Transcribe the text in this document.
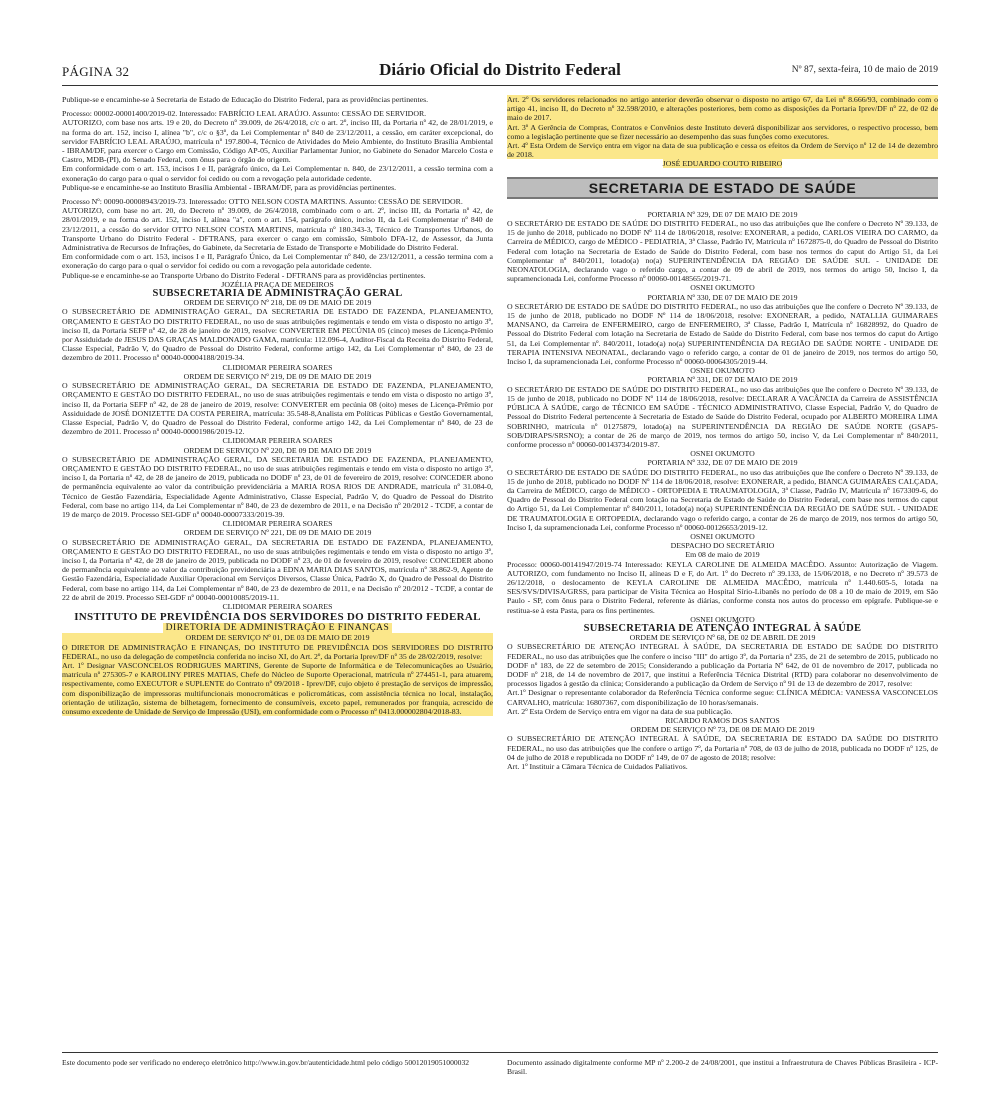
PÁGINA 32	Diário Oficial do Distrito Federal	Nº 87, sexta-feira, 10 de maio de 2019

Publique-se e encaminhe-se à Secretaria de Estado de Educação do Distrito Federal, para as providências pertinentes.

Processo: 00002-00001400/2019-02. Interessado: FABRÍCIO LEAL ARAÚJO. Assunto: CESSÃO DE SERVIDOR.

AUTORIZO, com base nos arts. 19 e 20, do Decreto nº 39.009, de 26/4/2018, c/c o art. 2º, inciso III, da Portaria nº 42, de 28/01/2019, e na forma do art. 152, inciso I, alínea "b", c/c o §3º, da Lei Complementar nº 840 de 23/12/2011, a cessão, em caráter excepcional, do servidor FABRÍCIO LEAL ARAÚJO, matrícula nº 197.800-4, Técnico de Atividades do Meio Ambiente, do Instituto Brasília Ambiental - IBRAM/DF, para exercer o Cargo em Comissão, Código AP-05, Auxiliar Parlamentar Junior, no Gabinete do Senador Marcelo Costa e Castro, MDB-(PI), do Senado Federal, com ônus para o órgão de origem.

Em conformidade com o art. 153, incisos I e II, parágrafo único, da Lei Complementar n. 840, de 23/12/2011, a cessão termina com a exoneração do cargo para o qual o servidor foi cedido ou com a revogação pela autoridade cedente.

Publique-se e encaminhe-se ao Instituto Brasília Ambiental - IBRAM/DF, para as providências pertinentes.

Processo Nº: 00090-00008943/2019-73. Interessado: OTTO NELSON COSTA MARTINS. Assunto: CESSÃO DE SERVIDOR.

AUTORIZO, com base no art. 20, do Decreto nº 39.009, de 26/4/2018, combinado com o art. 2º, inciso III, da Portaria nº 42, de 28/01/2019, e na forma do art. 152, inciso I, alínea "a", com o art. 154, parágrafo único, inciso II, da Lei Complementar nº 840 de 23/12/2011, a cessão do servidor OTTO NELSON COSTA MARTINS, matrícula nº 180.343-3, Técnico de Transportes Urbanos, do Transporte Urbano do Distrito Federal - DFTRANS, para exercer o cargo em comissão, Símbolo DFA-12, de Assessor, da Junta Administrativa de Recursos de Infrações, do Gabinete, da Secretaria de Estado de Transporte e Mobilidade do Distrito Federal.

Em conformidade com o art. 153, incisos I e II, Parágrafo Único, da Lei Complementar nº 840, de 23/12/2011, a cessão termina com a exoneração do cargo para o qual o servidor foi cedido ou com a revogação pela autoridade cedente.

Publique-se e encaminhe-se ao Transporte Urbano do Distrito Federal - DFTRANS para as providências pertinentes.

JOZÉLIA PRAÇA DE MEDEIROS

SUBSECRETARIA DE ADMINISTRAÇÃO GERAL

ORDEM DE SERVIÇO Nº 218, DE 09 DE MAIO DE 2019

O SUBSECRETÁRIO DE ADMINISTRAÇÃO GERAL, DA SECRETARIA DE ESTADO DE FAZENDA, PLANEJAMENTO, ORÇAMENTO E GESTÃO DO DISTRITO FEDERAL, no uso de suas atribuições regimentais e tendo em vista o disposto no artigo 3º, inciso II, da Portaria SEFP nº 42, de 28 de janeiro de 2019, resolve: CONVERTER EM PECÚNIA 05 (cinco) meses de Licença-Prêmio por Assiduidade de JESUS DAS GRAÇAS MALDONADO GAMA, matrícula: 112.096-4, Auditor-Fiscal da Receita do Distrito Federal, Classe Especial, Padrão V, do Quadro de Pessoal do Distrito Federal, conforme artigo 142, da Lei Complementar nº 840, de 23 de dezembro de 2011. Processo nº 00040-00004188/2019-34.

CLIDIOMAR PEREIRA SOARES

ORDEM DE SERVIÇO Nº 219, DE 09 DE MAIO DE 2019

O SUBSECRETÁRIO DE ADMINISTRAÇÃO GERAL, DA SECRETARIA DE ESTADO DE FAZENDA, PLANEJAMENTO, ORÇAMENTO E GESTÃO DO DISTRITO FEDERAL, no uso de suas atribuições regimentais e tendo em vista o disposto no artigo 3º, inciso II, da Portaria SEFP nº 42, de 28 de janeiro de 2019, resolve: CONVERTER em pecúnia 08 (oito) meses de Licença-Prêmio por Assiduidade de JOSÉ DONIZETTE DA COSTA PEREIRA, matrícula: 35.548-8,Analista em Políticas Públicas e Gestão Governamental, Classe Especial, Padrão V, do Quadro de Pessoal do Distrito Federal, conforme artigo 142, da Lei Complementar nº 840, de 23 de dezembro de 2011. Processo nº 00040-00001986/2019-12.

CLIDIOMAR PEREIRA SOARES

ORDEM DE SERVIÇO Nº 220, DE 09 DE MAIO DE 2019

O SUBSECRETÁRIO DE ADMINISTRAÇÃO GERAL, DA SECRETARIA DE ESTADO DE FAZENDA, PLANEJAMENTO, ORÇAMENTO E GESTÃO DO DISTRITO FEDERAL, no uso de suas atribuições regimentais e tendo em vista o disposto no artigo 3º, inciso I, da Portaria nº 42, de 28 de janeiro de 2019, publicada no DODF nº 23, de 01 de fevereiro de 2019, resolve: CONCEDER abono de permanência equivalente ao valor da contribuição previdenciária a MARIA ROSA RIOS DE ANDRADE, matrícula nº 31.084-0, Técnico de Gestão Fazendária, Especialidade Agente Administrativo, Classe Especial, Padrão V, do Quadro de Pessoal do Distrito Federal, com base no artigo 114, da Lei Complementar nº 840, de 23 de dezembro de 2011, e na Decisão nº 20/2012 - TCDF, a contar de 19 de março de 2019. Processo SEI-GDF nº 00040-00007333/2019-39.

CLIDIOMAR PEREIRA SOARES

ORDEM DE SERVIÇO Nº 221, DE 09 DE MAIO DE 2019

O SUBSECRETÁRIO DE ADMINISTRAÇÃO GERAL, DA SECRETARIA DE ESTADO DE FAZENDA, PLANEJAMENTO, ORÇAMENTO E GESTÃO DO DISTRITO FEDERAL, no uso de suas atribuições regimentais e tendo em vista o disposto no artigo 3º, inciso I, da Portaria nº 42, de 28 de janeiro de 2019, publicada no DODF nº 23, de 01 de fevereiro de 2019, resolve: CONCEDER abono de permanência equivalente ao valor da contribuição previdenciária a EDNA MARIA DIAS SANTOS, matrícula nº 38.862-9, Agente de Gestão Fazendária, Especialidade Auxiliar Operacional em Serviços Diversos, Classe Única, Padrão X, do Quadro de Pessoal do Distrito Federal, com base no artigo 114, da Lei Complementar nº 840, de 23 de dezembro de 2011, e na Decisão nº 20/2012 - TCDF, a contar de 22 de abril de 2019. Processo SEI-GDF nº 00040-00010085/2019-11.

CLIDIOMAR PEREIRA SOARES

INSTITUTO DE PREVIDÊNCIA DOS SERVIDORES DO DISTRITO FEDERAL

DIRETORIA DE ADMINISTRAÇÃO E FINANÇAS

ORDEM DE SERVIÇO Nº 01, DE 03 DE MAIO DE 2019

O DIRETOR DE ADMINISTRAÇÃO E FINANÇAS, DO INSTITUTO DE PREVIDÊNCIA DOS SERVIDORES DO DISTRITO FEDERAL, no uso da delegação de competência conferida no inciso XI, do Art. 2º, da Portaria Iprev/DF nº 35 de 28/02/2019, resolve:

Art. 1º Designar VASCONCELOS RODRIGUES MARTINS, Gerente de Suporte de Informática e de Telecomunicações ao Usuário, matrícula nº 275305-7 e KAROLINY PIRES MATIAS, Chefe do Núcleo de Suporte Operacional, matrícula nº 274451-1, para atuarem, respectivamente, como EXECUTOR e SUPLENTE do Contrato nº 09/2018 - Iprev/DF, cujo objeto é prestação de serviços de impressão, com disponibilização de impressoras multifuncionais monocromáticas e policromáticas, com assistência técnica no local, instalação, orientação de utilização, sistema de bilhetagem, fornecimento de consumíveis, exceto papel, remunerados por franquia, acrescido de consumo excedente de Unidade de Serviço de Impressão (USI), em conformidade com o Processo nº 0413.000002804/2018-83.

Art. 2º Os servidores relacionados no artigo anterior deverão observar o disposto no artigo 67, da Lei nº 8.666/93, combinado com o artigo 41, inciso II, do Decreto nº 32.598/2010, e alterações posteriores, bem como as disposições da Portaria Iprev/DF nº 22, de 02 de maio de 2017.

Art. 3º A Gerência de Compras, Contratos e Convênios deste Instituto deverá disponibilizar aos servidores, o respectivo processo, bem como a legislação pertinente que se fizer necessário ao desempenho das suas funções como executores.

Art. 4º Esta Ordem de Serviço entra em vigor na data de sua publicação e cessa os efeitos da Ordem de Serviço nº 12 de 14 de dezembro de 2018.

JOSÉ EDUARDO COUTO RIBEIRO

SECRETARIA DE ESTADO DE SAÚDE

PORTARIA Nº 329, DE 07 DE MAIO DE 2019

O SECRETÁRIO DE ESTADO DE SAÚDE DO DISTRITO FEDERAL, no uso das atribuições que lhe confere o Decreto Nº 39.133, de 15 de junho de 2018, publicado no DODF Nº 114 de 18/06/2018, resolve: EXONERAR, a pedido, CARLOS VIEIRA DO CARMO, da Carreira de MÉDICO, cargo de MÉDICO - PEDIATRIA, 3ª Classe, Padrão IV, Matrícula nº 1672875-0, do Quadro de Pessoal do Distrito Federal com lotação na Secretaria de Estado de Saúde do Distrito Federal, com base nos termos do caput do Artigo 51, da Lei Complementar nº 840/2011, lotado(a) no(a) SUPERINTENDÊNCIA DA REGIÃO DE SAÚDE SUL - UNIDADE DE NEONATOLOGIA, declarando vago o referido cargo, a contar de 09 de abril de 2019, nos termos do artigo 50, Inciso I, da supramencionada Lei, conforme Processo nº 00060-00148565/2019-71.

OSNEI OKUMOTO

PORTARIA Nº 330, DE 07 DE MAIO DE 2019

O SECRETÁRIO DE ESTADO DE SAÚDE DO DISTRITO FEDERAL, no uso das atribuições que lhe confere o Decreto Nº 39.133, de 15 de junho de 2018, publicado no DODF Nº 114 de 18/06/2018, resolve: EXONERAR, a pedido, NATALLIA GUIMARAES MANSANO, da Carreira de ENFERMEIRO, cargo de ENFERMEIRO, 3ª Classe, Padrão I, Matrícula nº 16828992, do Quadro de Pessoal do Distrito Federal com lotação na Secretaria de Estado de Saúde do Distrito Federal, com base nos termos do caput do Artigo 51, da Lei Complementar nº. 840/2011, lotado(a) no(a) SUPERINTENDÊNCIA DA REGIÃO DE SAÚDE NORTE - UNIDADE DE TERAPIA INTENSIVA NEONATAL, declarando vago o referido cargo, a contar de 01 de janeiro de 2019, nos termos do artigo 50, Inciso I, da supramencionada Lei, conforme Processo nº 00060-00064305/2019-44.

OSNEI OKUMOTO

PORTARIA Nº 331, DE 07 DE MAIO DE 2019

O SECRETÁRIO DE ESTADO DE SAÚDE DO DISTRITO FEDERAL, no uso das atribuições que lhe confere o Decreto Nº 39.133, de 15 de junho de 2018, publicado no DODF Nº 114 de 18/06/2018, resolve: DECLARAR A VACÂNCIA da Carreira de ASSISTÊNCIA PÚBLICA À SAÚDE, cargo de TÉCNICO EM SAÚDE - TÉCNICO ADMINISTRATIVO, Classe Especial, Padrão V, do Quadro de Pessoal do Distrito Federal pertencente à Secretaria de Estado de Saúde do Distrito Federal, ocupado por ALBERTO MOREIRA LIMA SOBRINHO, matrícula nº 01275879, lotado(a) na SUPERINTENDÊNCIA DA REGIÃO DE SAÚDE NORTE (GSAP5-SOB/DIRAPS/SRSNO); a contar de 26 de março de 2019, nos termos do artigo 50, inciso V, da Lei Complementar nº 840/2011, conforme processo nº 00060-00143734/2019-87.

OSNEI OKUMOTO

PORTARIA Nº 332, DE 07 DE MAIO DE 2019

O SECRETÁRIO DE ESTADO DE SAÚDE DO DISTRITO FEDERAL, no uso das atribuições que lhe confere o Decreto Nº 39.133, de 15 de junho de 2018, publicado no DODF Nº 114 de 18/06/2018, resolve: EXONERAR, a pedido, BIANCA GUIMARÃES CALÇADA, da Carreira de MÉDICO, cargo de MÉDICO - ORTOPEDIA E TRAUMATOLOGIA, 3ª Classe, Padrão IV, Matrícula nº 1673309-6, do Quadro de Pessoal do Distrito Federal com lotação na Secretaria de Estado de Saúde do Distrito Federal, com base nos termos do caput do Artigo 51, da Lei Complementar nº 840/2011, lotado(a) no(a) SUPERINTENDÊNCIA DA REGIÃO DE SAÚDE SUL - UNIDADE DE TRAUMATOLOGIA E ORTOPEDIA, declarando vago o referido cargo, a contar de 26 de março de 2019, nos termos do artigo 50, Inciso I, da supramencionada Lei, conforme Processo nº 00060-00126653/2019-12.

OSNEI OKUMOTO

DESPACHO DO SECRETÁRIO

Em 08 de maio de 2019

Processo: 00060-00141947/2019-74 Interessado: KEYLA CAROLINE DE ALMEIDA MACÊDO. Assunto: Autorização de Viagem. AUTORIZO, com fundamento no Inciso II, alíneas D e F, do Art. 1º do Decreto nº 39.133, de 15/06/2018, e no Decreto nº 39.573 de 26/12/2018, o deslocamento de KEYLA CAROLINE DE ALMEIDA MACÊDO, matrícula nº 1.440.605-5, lotada na SES/SVS/DIVISA/GRSS, para participar de Visita Técnica ao Hospital Sírio-Libanês no período de 08 a 10 de maio de 2019, em São Paulo - SP, com ônus para o Distrito Federal, referente às diárias, conforme consta nos autos do processo em epígrafe. Publique-se e restitua-se à esta Pasta, para os fins pertinentes.

OSNEI OKUMOTO

SUBSECRETARIA DE ATENÇÃO INTEGRAL À SAÚDE

ORDEM DE SERVIÇO Nº 68, DE 02 DE ABRIL DE 2019

O SUBSECRETÁRIO DE ATENÇÃO INTEGRAL À SAÚDE, DA SECRETARIA DE ESTADO DE SAÚDE DO DISTRITO FEDERAL, no uso das atribuições que lhe confere o inciso "III" do artigo 3º, da Portaria nº 235, de 21 de setembro de 2015, publicado no DODF nº 183, de 22 de setembro de 2015; Considerando a publicação da Portaria Nº 642, de 01 de novembro de 2017, publicada no DODF nº 218, de 14 de novembro de 2017, que institui a Referência Técnica Distrital (RTD) para colaborar no desenvolvimento de processos ligados à gestão da clínica; Considerando a publicação da Ordem de Serviço nº 91 de 13 de dezembro de 2017, resolve:

Art.1º Designar o representante colaborador da Referência Técnica conforme segue: CLÍNICA MÉDICA: VANESSA VASCONCELOS CARVALHO, matrícula: 16807367, com disponibilização de 10 horas/semanais.

Art. 2º Esta Ordem de Serviço entra em vigor na data de sua publicação.

RICARDO RAMOS DOS SANTOS

ORDEM DE SERVIÇO Nº 73, DE 08 DE MAIO DE 2019

O SUBSECRETÁRIO DE ATENÇÃO INTEGRAL À SAÚDE, DA SECRETARIA DE ESTADO DA SAÚDE DO DISTRITO FEDERAL, no uso das atribuições que lhe confere o artigo 7º, da Portaria nº 708, de 03 de julho de 2018, publicada no DODF nº 125, de 04 de julho de 2018 e republicada no DODF nº 149, de 07 de agosto de 2018; resolve:

Art. 1º Instituir a Câmara Técnica de Cuidados Paliativos.

Este documento pode ser verificado no endereço eletrônico http://www.in.gov.br/autenticidade.html pelo código 50012019051000032	Documento assinado digitalmente conforme MP nº 2.200-2 de 24/08/2001, que institui a Infraestrutura de Chaves Públicas Brasileira - ICP-Brasil.
